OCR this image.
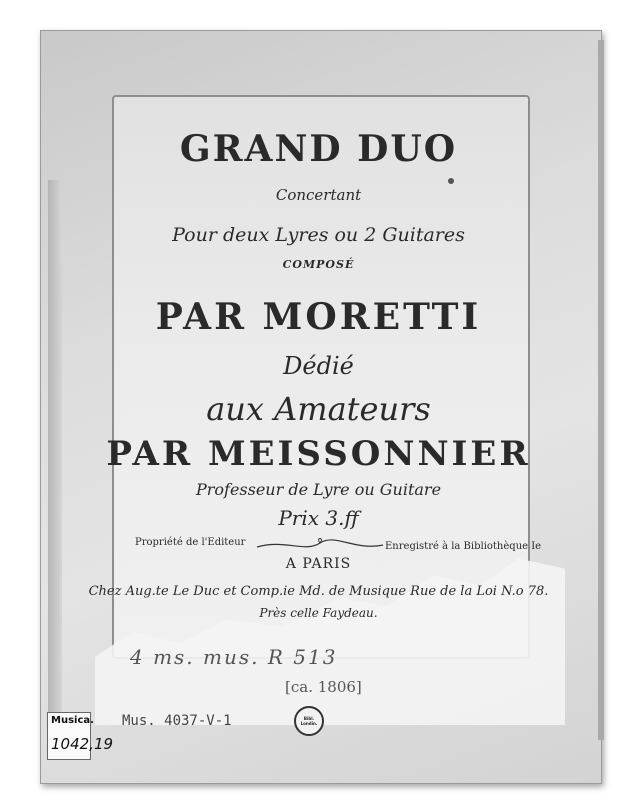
GRAND DUO
Concertant
Pour deux Lyres ou 2 Guitares
COMPOSÉ
PAR MORETTI
Dédié
aux Amateurs
PAR MEISSONNIER
Professeur de Lyre ou Guitare
Prix 3.ff
Propriété de l'Editeur	Enregistré à la Bibliothèque Ie
A PARIS
Chez Aug.te Le Duc et Comp.ie Md. de Musique Rue de la Loi N.o 78.
Près celle Faydeau.
4 ms. mus. R 513
[ca. 1806]
Mus. 4037-V-1	Bibl. Londin.
Musica.
1042,19
